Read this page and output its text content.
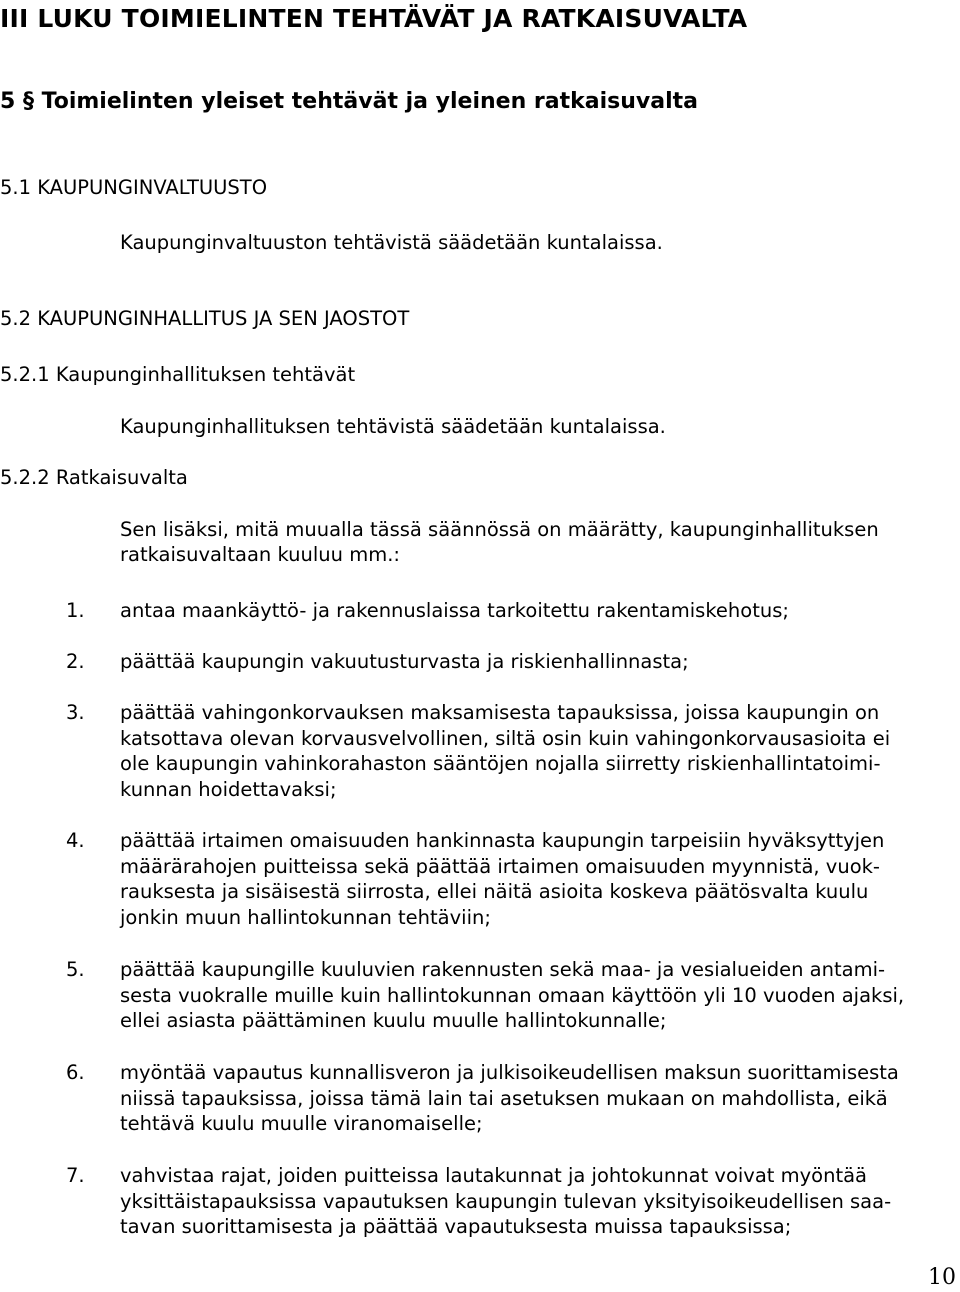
III LUKU TOIMIELINTEN TEHTÄVÄT JA RATKAISUVALTA
5 § Toimielinten yleiset tehtävät ja yleinen ratkaisuvalta
5.1 KAUPUNGINVALTUUSTO
Kaupunginvaltuuston tehtävistä säädetään kuntalaissa.
5.2 KAUPUNGINHALLITUS JA SEN JAOSTOT
5.2.1 Kaupunginhallituksen tehtävät
Kaupunginhallituksen tehtävistä säädetään kuntalaissa.
5.2.2 Ratkaisuvalta
Sen lisäksi, mitä muualla tässä säännössä on määrätty, kaupunginhallituksen
ratkaisuvaltaan kuuluu mm.:
1. antaa maankäyttö- ja rakennuslaissa tarkoitettu rakentamiskehotus;
2. päättää kaupungin vakuutusturvasta ja riskienhallinnasta;
3. päättää vahingonkorvauksen maksamisesta tapauksissa, joissa kaupungin on
katsottava olevan korvausvelvollinen, siltä osin kuin vahingonkorvausasioita ei
ole kaupungin vahinkorahaston sääntöjen nojalla siirretty riskienhallintatoimi-
kunnan hoidettavaksi;
4. päättää irtaimen omaisuuden hankinnasta kaupungin tarpeisiin hyväksyttyjen
määrärahojen puitteissa sekä päättää irtaimen omaisuuden myynnistä, vuok-
rauksesta ja sisäisestä siirrosta, ellei näitä asioita koskeva päätösvalta kuulu
jonkin muun hallintokunnan tehtäviin;
5. päättää kaupungille kuuluvien rakennusten sekä maa- ja vesialueiden antami-
sesta vuokralle muille kuin hallintokunnan omaan käyttöön yli 10 vuoden ajaksi,
ellei asiasta päättäminen kuulu muulle hallintokunnalle;
6. myöntää vapautus kunnallisveron ja julkisoikeudellisen maksun suorittamisesta
niissä tapauksissa, joissa tämä lain tai asetuksen mukaan on mahdollista, eikä
tehtävä kuulu muulle viranomaiselle;
7. vahvistaa rajat, joiden puitteissa lautakunnat ja johtokunnat voivat myöntää
yksittäistapauksissa vapautuksen kaupungin tulevan yksityisoikeudellisen saa-
tavan suorittamisesta ja päättää vapautuksesta muissa tapauksissa;
10
